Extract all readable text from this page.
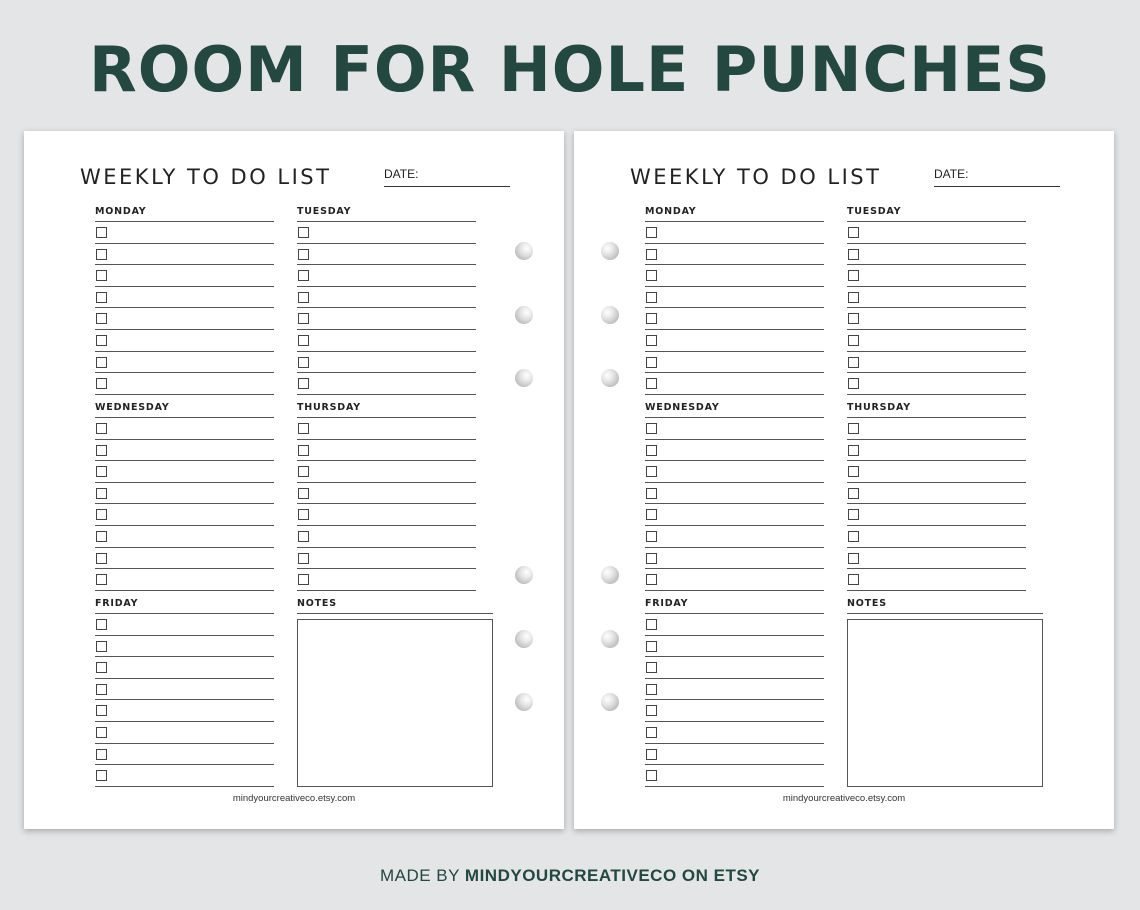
ROOM FOR HOLE PUNCHES
WEEKLY TO DO LIST	DATE:
MONDAY	TUESDAY
WEDNESDAY	THURSDAY
FRIDAY	NOTES
mindyourcreativeco.etsy.com
WEEKLY TO DO LIST	DATE:
MONDAY	TUESDAY
WEDNESDAY	THURSDAY
FRIDAY	NOTES
mindyourcreativeco.etsy.com
MADE BY MINDYOURCREATIVECO ON ETSY
